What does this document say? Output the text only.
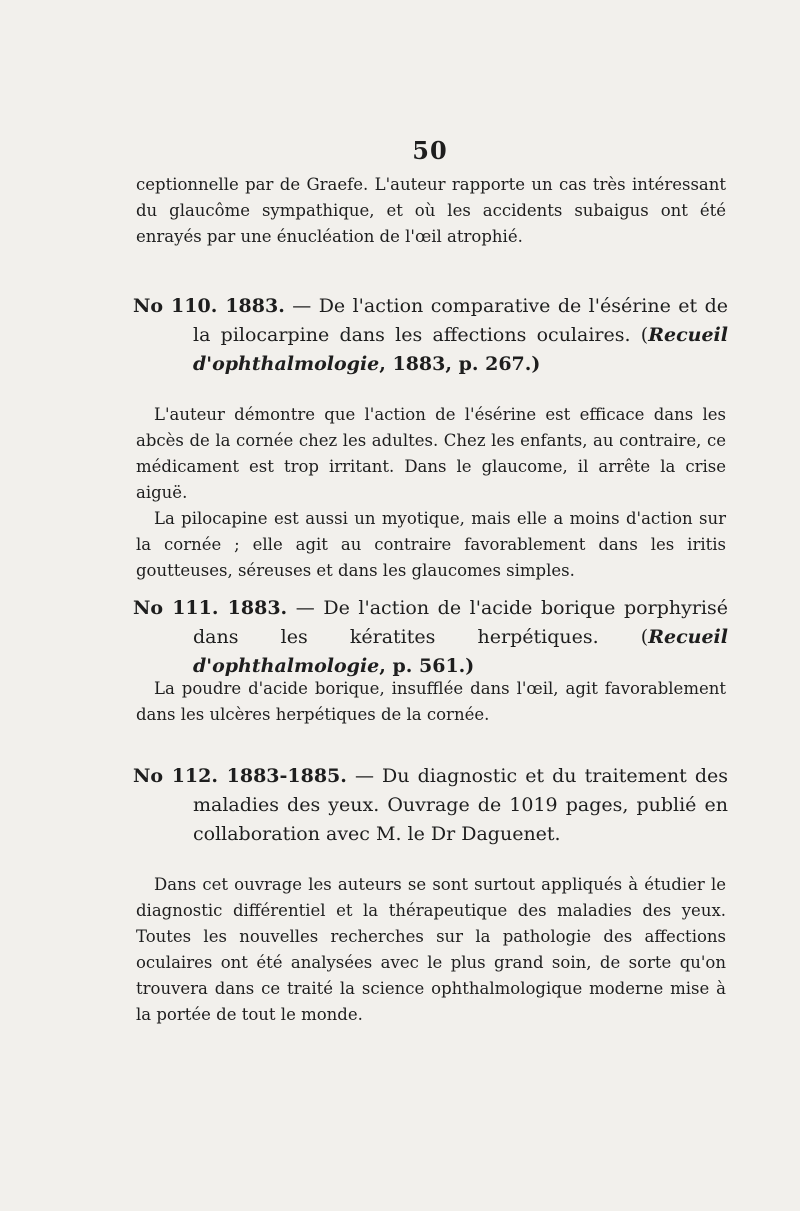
50

ceptionnelle par de Graefe. L'auteur rapporte un cas très intéressant du glaucôme sympathique, et où les accidents subaigus ont été enrayés par une énucléation de l'œil atrophié.

No 110. 1883. — De l'action comparative de l'ésérine et de la pilocarpine dans les affections oculaires. (Recueil d'ophthalmologie, 1883, p. 267.)

L'auteur démontre que l'action de l'ésérine est efficace dans les abcès de la cornée chez les adultes. Chez les enfants, au contraire, ce médicament est trop irritant. Dans le glaucome, il arrête la crise aiguë.

La pilocapine est aussi un myotique, mais elle a moins d'action sur la cornée ; elle agit au contraire favorablement dans les iritis goutteuses, séreuses et dans les glaucomes simples.

No 111. 1883. — De l'action de l'acide borique porphyrisé dans les kératites herpétiques. (Recueil d'ophthalmologie, p. 561.)

La poudre d'acide borique, insufflée dans l'œil, agit favorablement dans les ulcères herpétiques de la cornée.

No 112. 1883-1885. — Du diagnostic et du traitement des maladies des yeux. Ouvrage de 1019 pages, publié en collaboration avec M. le Dr Daguenet.

Dans cet ouvrage les auteurs se sont surtout appliqués à étudier le diagnostic différentiel et la thérapeutique des maladies des yeux. Toutes les nouvelles recherches sur la pathologie des affections oculaires ont été analysées avec le plus grand soin, de sorte qu'on trouvera dans ce traité la science ophthalmologique moderne mise à la portée de tout le monde.
